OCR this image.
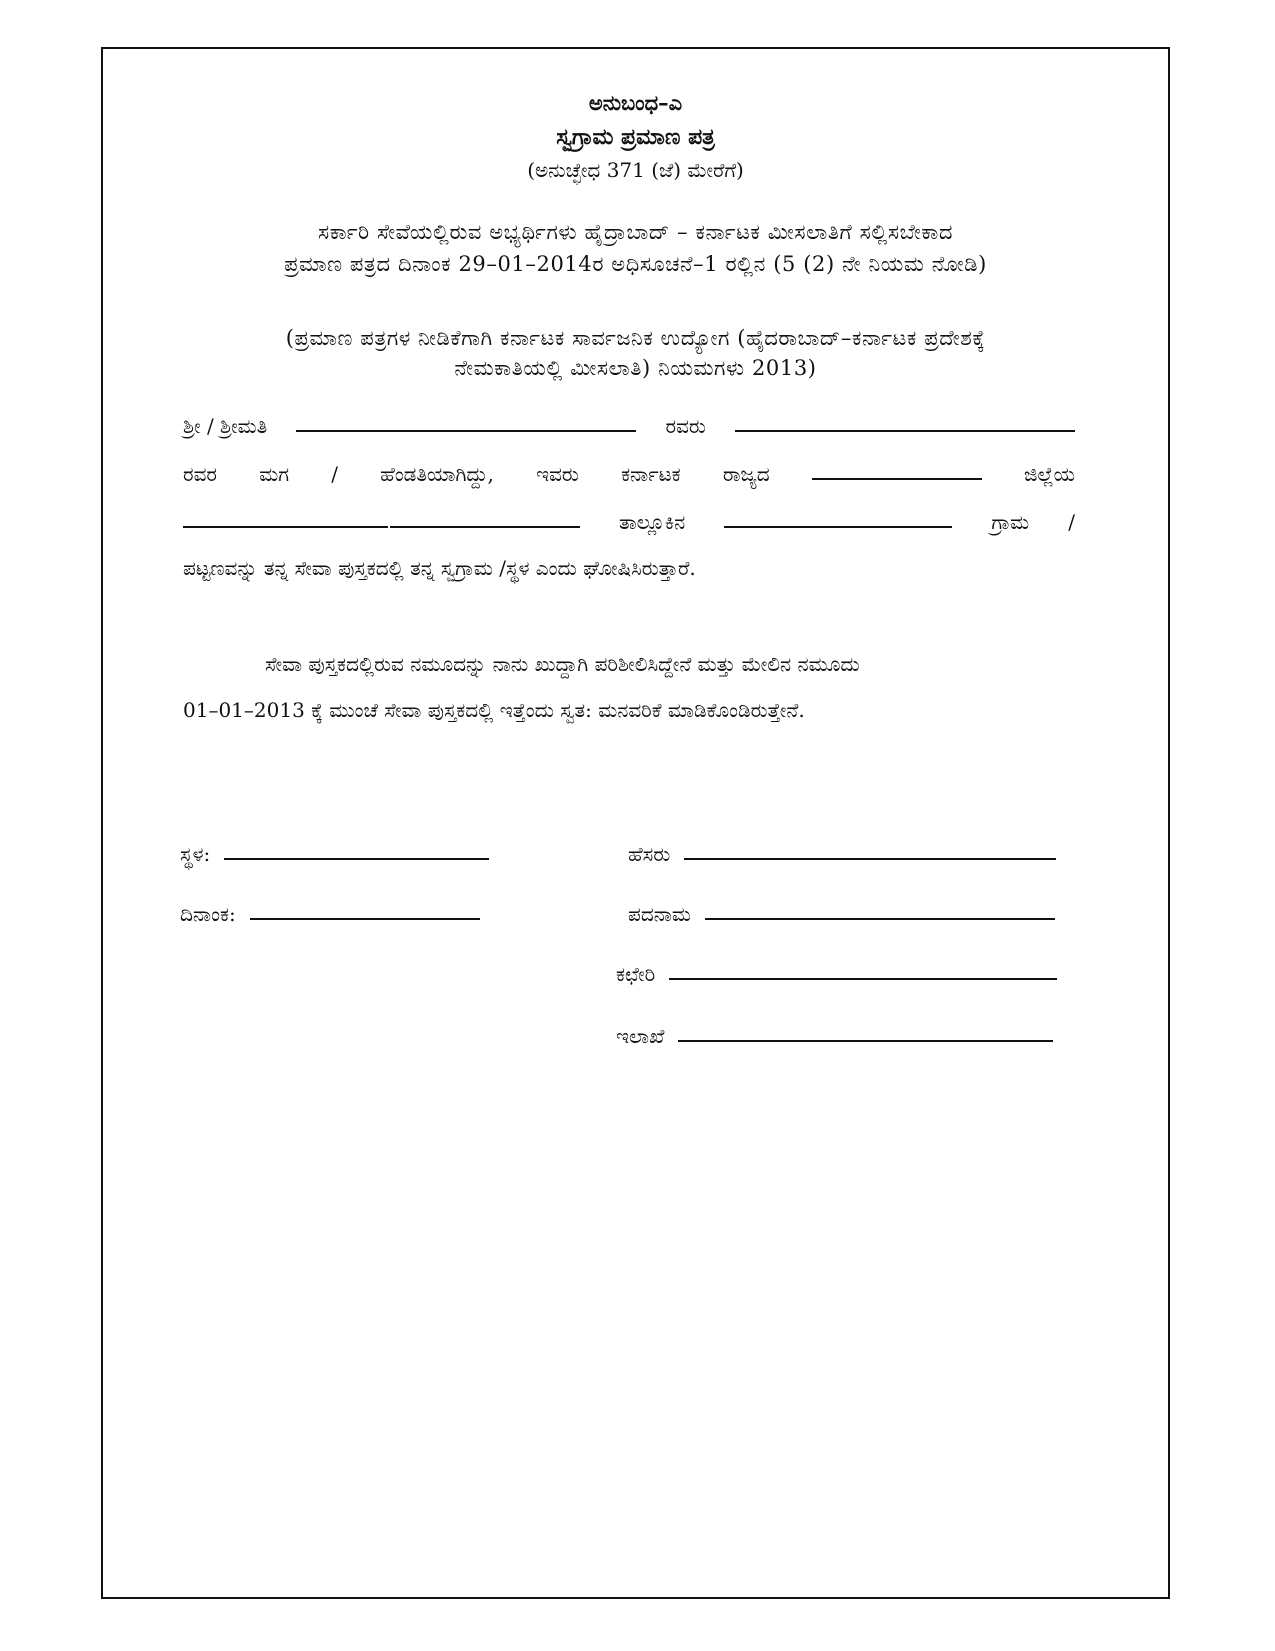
ಅನುಬಂಧ–ಎ
ಸ್ವಗ್ರಾಮ ಪ್ರಮಾಣ ಪತ್ರ
(ಅನುಚ್ಛೇಧ 371 (ಜೆ) ಮೇರೆಗೆ)
ಸರ್ಕಾರಿ ಸೇವೆಯಲ್ಲಿರುವ ಅಭ್ಯರ್ಥಿಗಳು ಹೈದ್ರಾಬಾದ್ – ಕರ್ನಾಟಕ ಮೀಸಲಾತಿಗೆ ಸಲ್ಲಿಸಬೇಕಾದ
ಪ್ರಮಾಣ ಪತ್ರದ ದಿನಾಂಕ 29–01–2014ರ ಅಧಿಸೂಚನೆ–1 ರಲ್ಲಿನ (5 (2) ನೇ ನಿಯಮ ನೋಡಿ)
(ಪ್ರಮಾಣ ಪತ್ರಗಳ ನೀಡಿಕೆಗಾಗಿ ಕರ್ನಾಟಕ ಸಾರ್ವಜನಿಕ ಉದ್ಯೋಗ (ಹೈದರಾಬಾದ್–ಕರ್ನಾಟಕ ಪ್ರದೇಶಕ್ಕೆ
ನೇಮಕಾತಿಯಲ್ಲಿ ಮೀಸಲಾತಿ) ನಿಯಮಗಳು 2013)
ಶ್ರೀ / ಶ್ರೀಮತಿ	ರವರು
ರವರ ಮಗ / ಹೆಂಡತಿಯಾಗಿದ್ದು, ಇವರು ಕರ್ನಾಟಕ ರಾಜ್ಯದ	ಜಿಲ್ಲೆಯ
ತಾಲ್ಲೂಕಿನ	ಗ್ರಾಮ /
ಪಟ್ಟಣವನ್ನು ತನ್ನ ಸೇವಾ ಪುಸ್ತಕದಲ್ಲಿ ತನ್ನ ಸ್ವಗ್ರಾಮ /ಸ್ಥಳ ಎಂದು ಘೋಷಿಸಿರುತ್ತಾರೆ.
ಸೇವಾ ಪುಸ್ತಕದಲ್ಲಿರುವ ನಮೂದನ್ನು ನಾನು ಖುದ್ದಾಗಿ ಪರಿಶೀಲಿಸಿದ್ದೇನೆ ಮತ್ತು ಮೇಲಿನ ನಮೂದು
01–01–2013 ಕ್ಕೆ ಮುಂಚೆ ಸೇವಾ ಪುಸ್ತಕದಲ್ಲಿ ಇತ್ತೆಂದು ಸ್ವತ: ಮನವರಿಕೆ ಮಾಡಿಕೊಂಡಿರುತ್ತೇನೆ.
ಸ್ಥಳ:
ದಿನಾಂಕ:
ಹೆಸರು
ಪದನಾಮ
ಕಛೇರಿ
ಇಲಾಖೆ
